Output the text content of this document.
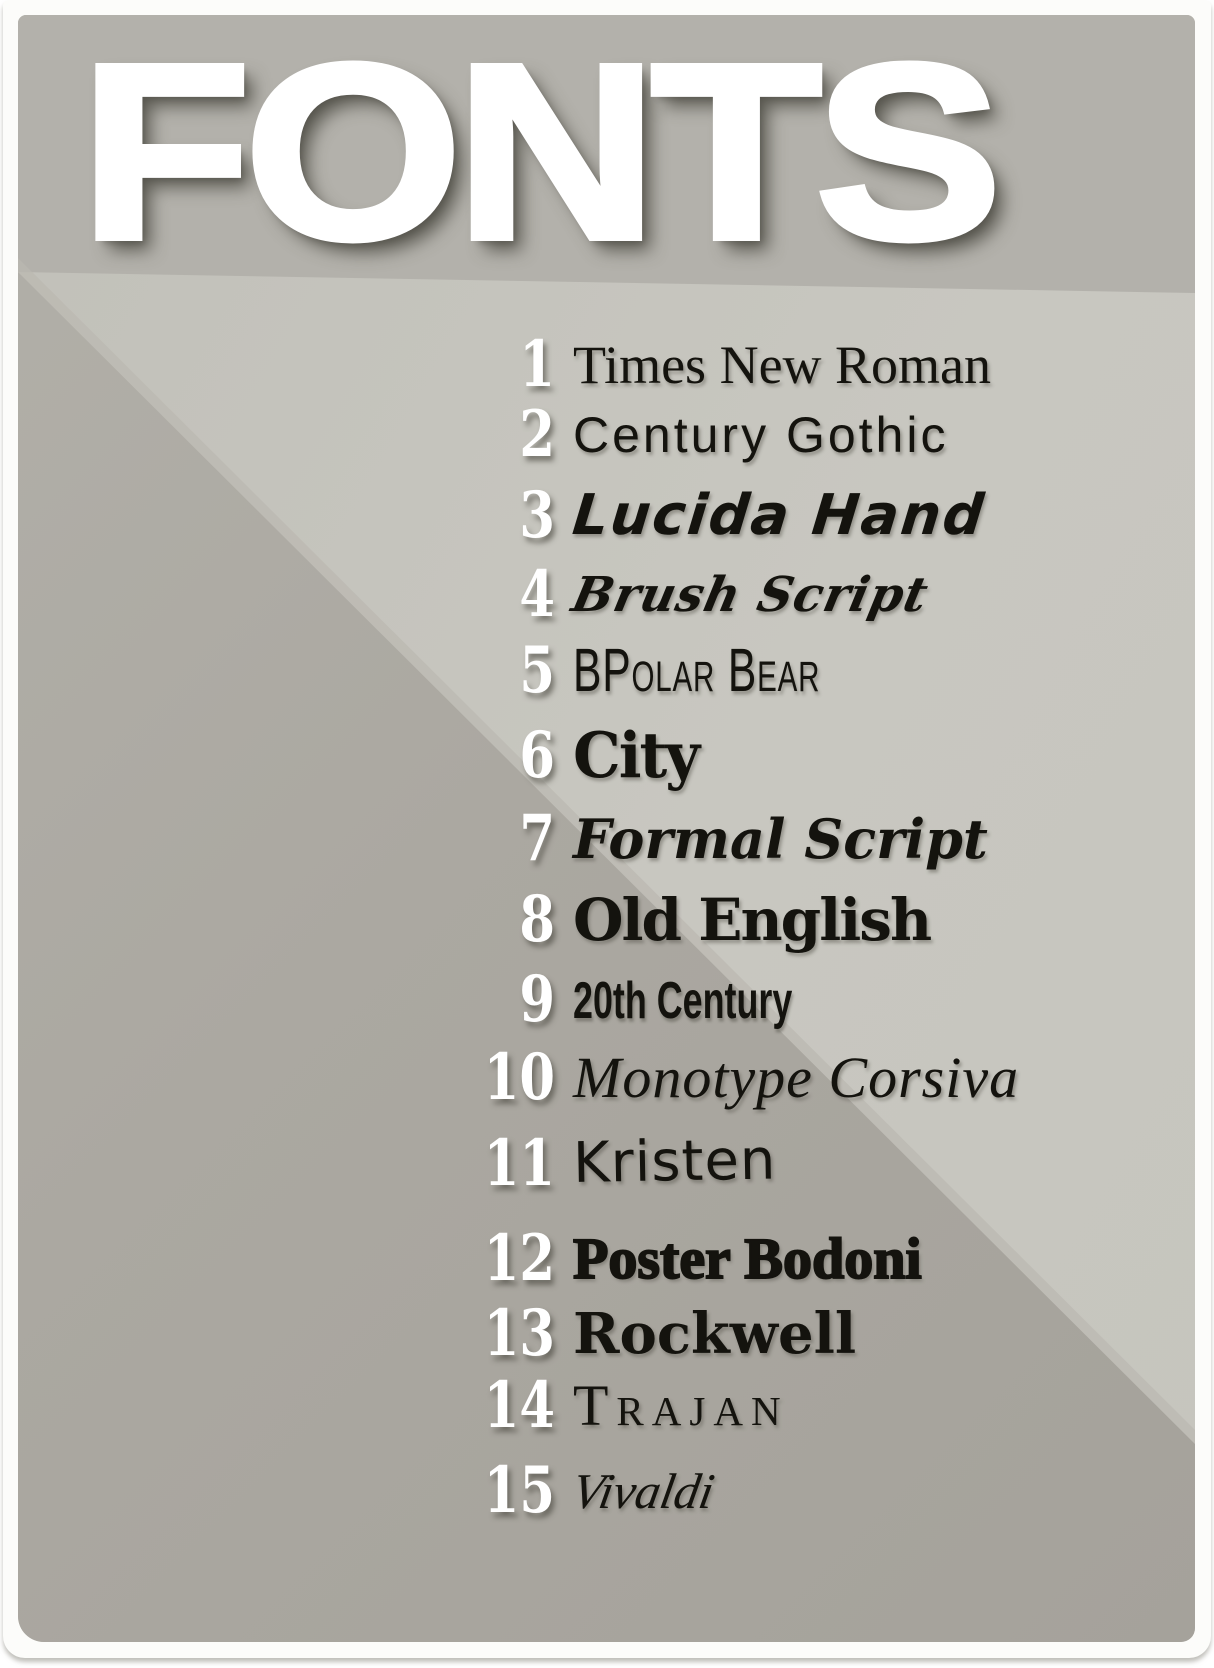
FONTS
1 Times New Roman
2 Century Gothic
3 Lucida Hand
4 Brush Script
5 BPolar Bear
6 City
7 Formal Script
8 Old English
9 20th Century
10 Monotype Corsiva
11 Kristen
12 Poster Bodoni
13 Rockwell
14 Trajan
15 Vivaldi
